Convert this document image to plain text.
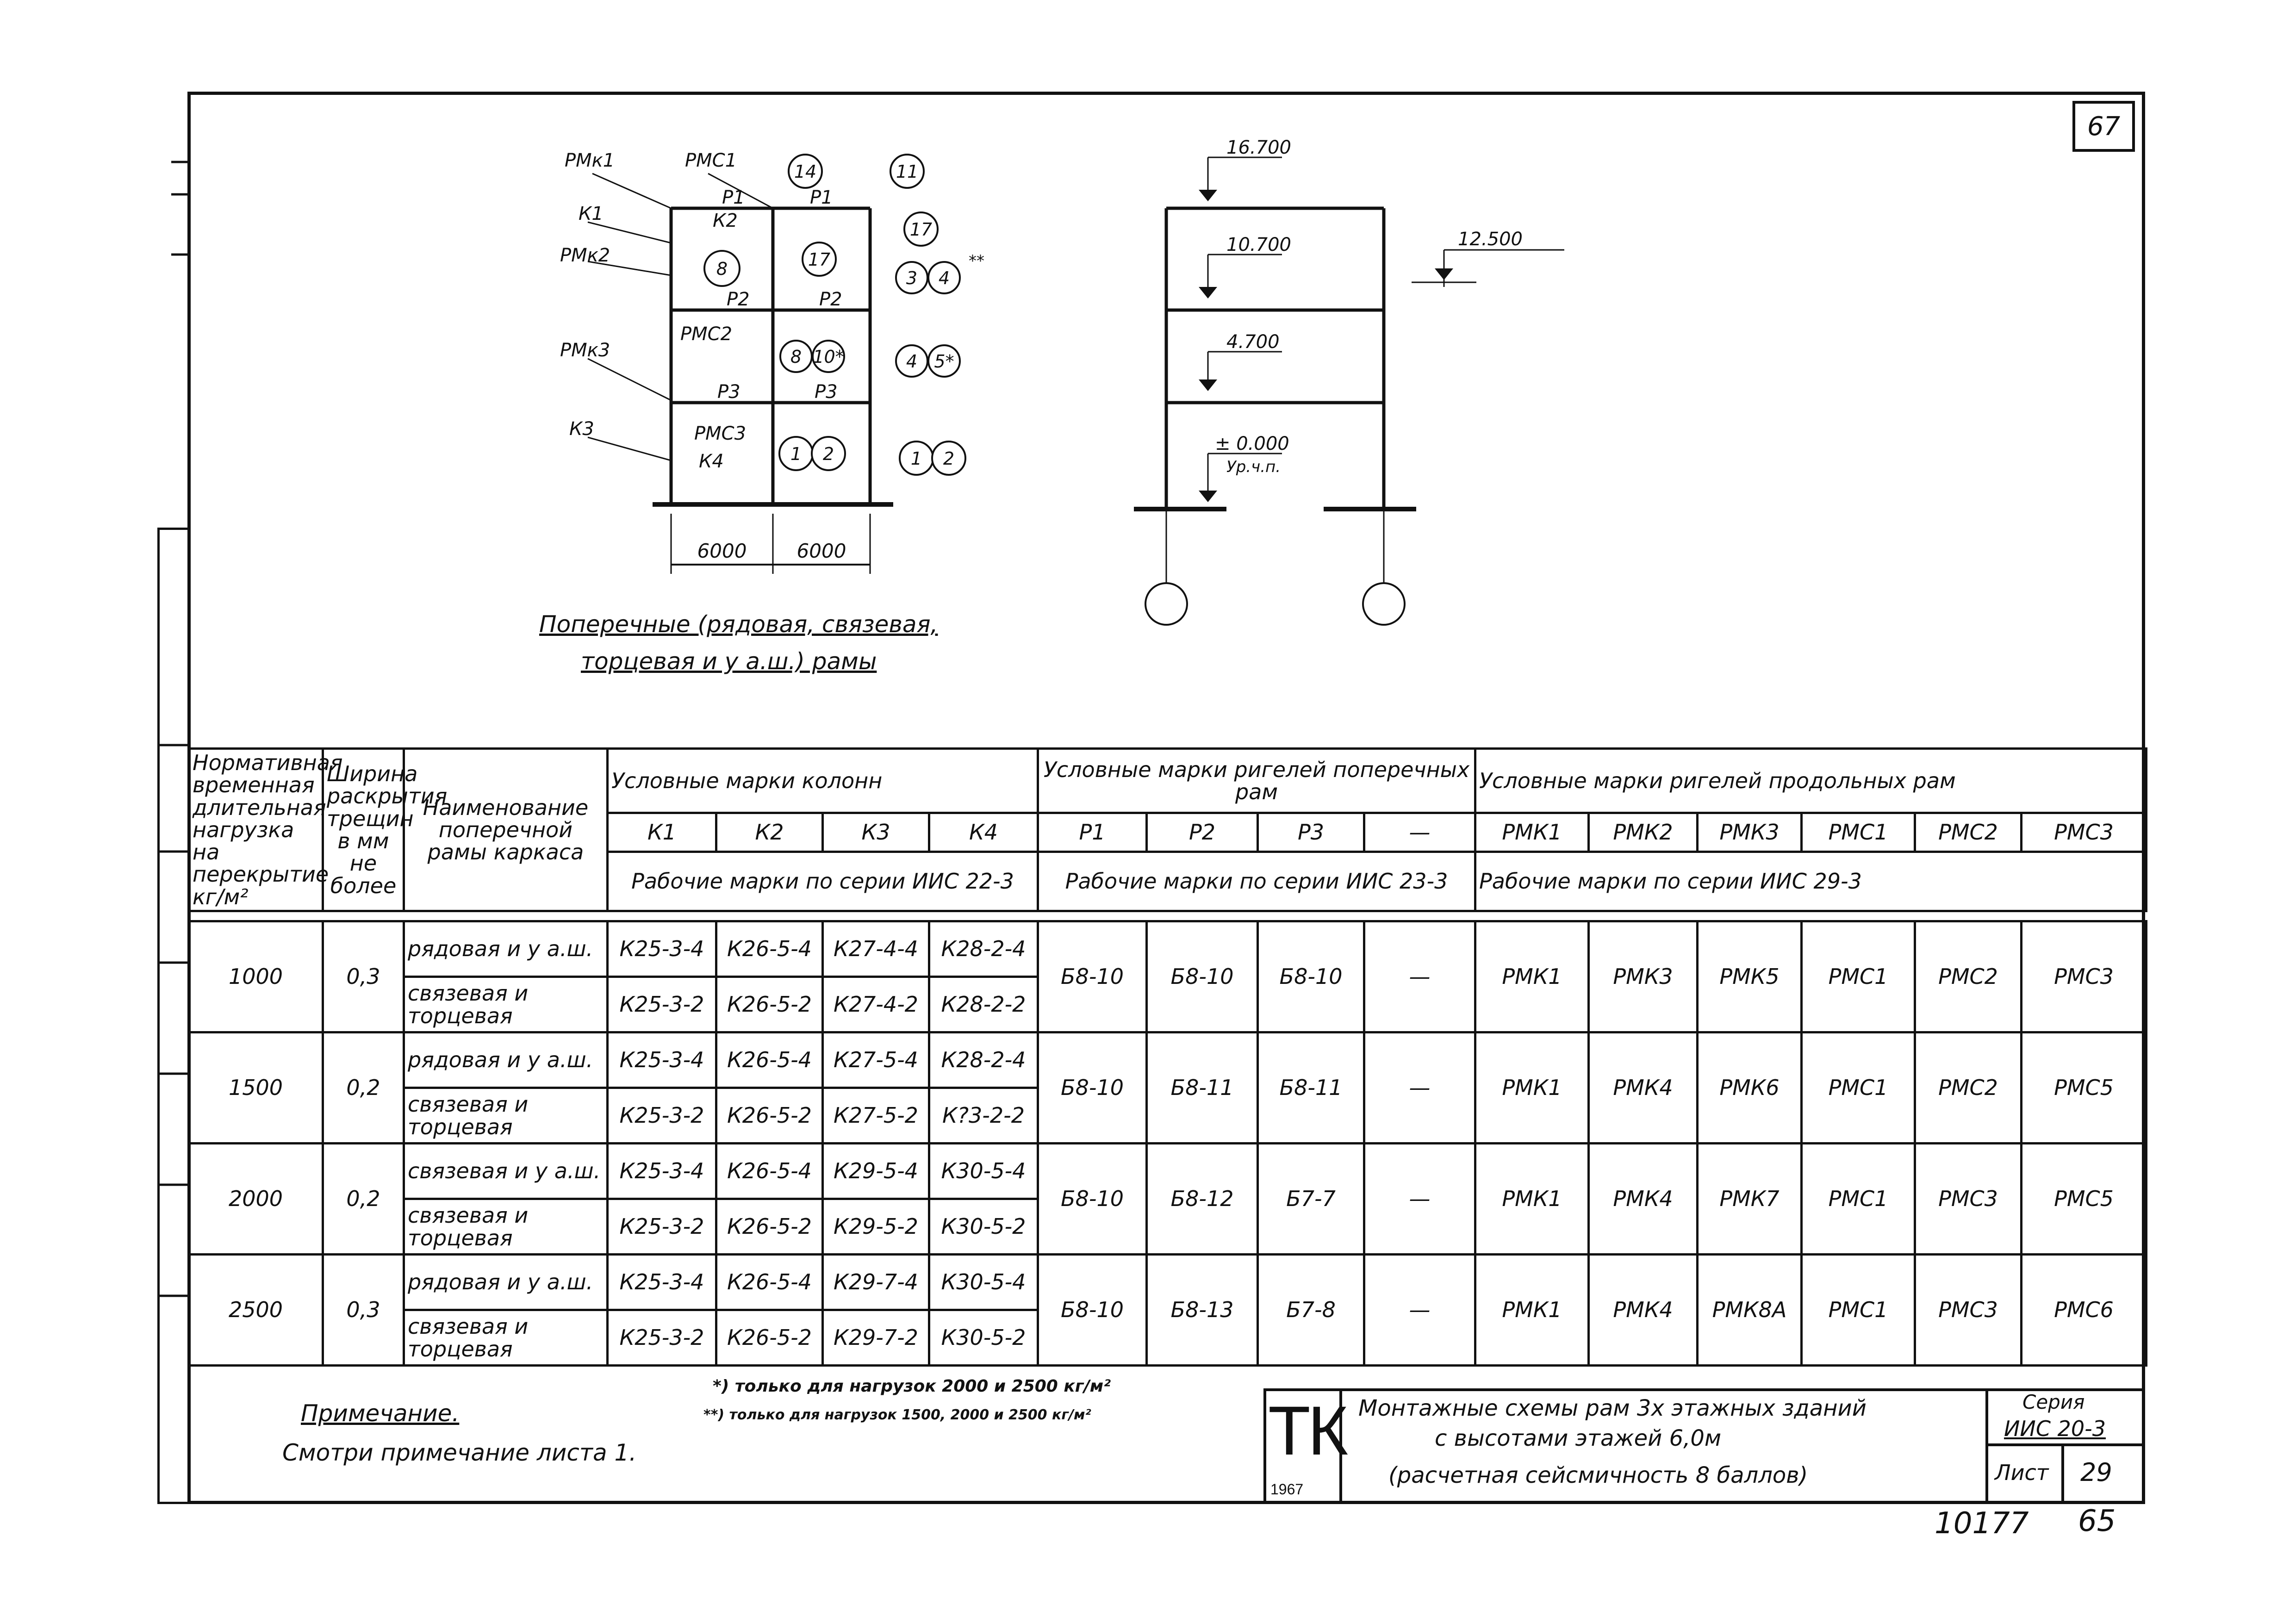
67
РМк1	РМС1
К1
РМк2
РМк3
К3
РМС2
РМС3
К4
Р1	Р1
К2
Р2	Р2
Р3	Р3
14	11
17
8	17
3 4
8 10*	4 5*
1 2	1 2
**
6000	6000
Поперечные (рядовая, связевая,
торцевая и у а.ш.) рамы
16.700
10.700
4.700
± 0.000
Ур.ч.п.
12.500
Нормативная временная длительная нагрузка на перекрытие кг/м²	Ширина раскрытия трещин в мм не более	Наименование поперечной рамы каркаса	Условные марки колонн				Условные марки ригелей поперечных рам				Условные марки ригелей продольных рам					
			К1	К2	К3	К4	Р1	Р2	Р3	—	РМК1	РМК2	РМК3	РМС1	РМС2	РМС3
			Рабочие марки по серии ИИС 22-3				Рабочие марки по серии ИИС 23-3				Рабочие марки по серии ИИС 29-3					

1000	0,3	рядовая и у а.ш.	К25-3-4	К26-5-4	К27-4-4	К28-2-4	Б8-10	Б8-10	Б8-10	—	РМК1	РМК3	РМК5	РМС1	РМС2	РМС3
		связевая и торцевая	К25-3-2	К26-5-2	К27-4-2	К28-2-2										
1500	0,2	рядовая и у а.ш.	К25-3-4	К26-5-4	К27-5-4	К28-2-4	Б8-10	Б8-11	Б8-11	—	РМК1	РМК4	РМК6	РМС1	РМС2	РМС5
		связевая и торцевая	К25-3-2	К26-5-2	К27-5-2	К?3-2-2										
2000	0,2	связевая и у а.ш.	К25-3-4	К26-5-4	К29-5-4	К30-5-4	Б8-10	Б8-12	Б7-7	—	РМК1	РМК4	РМК7	РМС1	РМС3	РМС5
		связевая и торцевая	К25-3-2	К26-5-2	К29-5-2	К30-5-2										
2500	0,3	рядовая и у а.ш.	К25-3-4	К26-5-4	К29-7-4	К30-5-4	Б8-10	Б8-13	Б7-8	—	РМК1	РМК4	РМК8А	РМС1	РМС3	РМС6
		связевая и торцевая	К25-3-2	К26-5-2	К29-7-2	К30-5-2										
Примечание.
Смотри примечание листа 1.
*) только для нагрузок 2000 и 2500 кг/м²
**) только для нагрузок 1500, 2000 и 2500 кг/м²	ТК
1967
Монтажные схемы рам 3х этажных зданий
с высотами этажей 6,0м
(расчетная сейсмичность 8 баллов)
Серия
ИИС 20-3
Лист 29
10177 65
